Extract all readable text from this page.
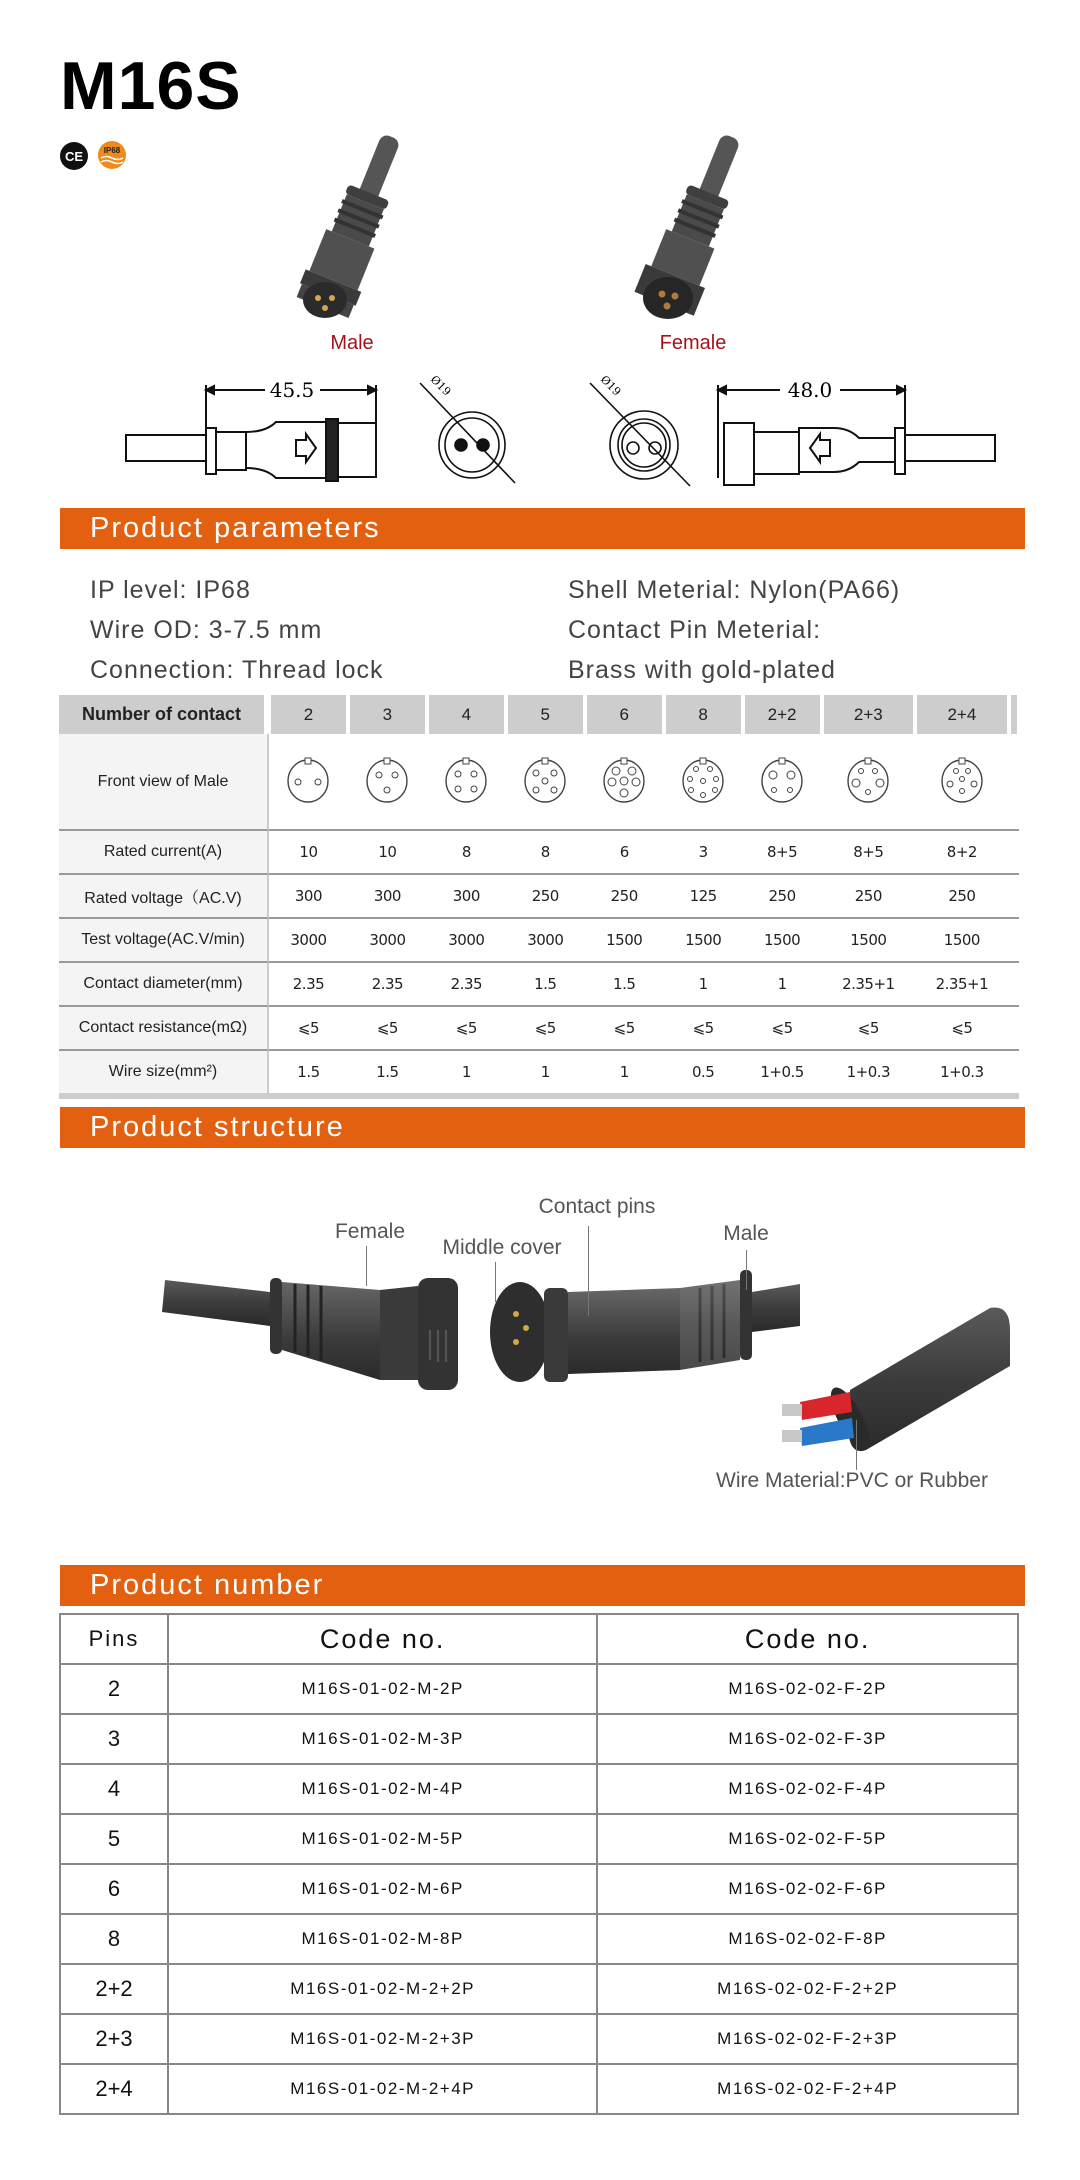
M16S
CE	IP68
Male	Female
Ø19	Ø19
45.5	48.0
Product parameters
IP level: IP68
Wire OD: 3-7.5 mm
Connection: Thread lock
Shell Meterial: Nylon(PA66)
Contact Pin Meterial:
Brass with gold-plated
Number of contact	2	3	4	5	6	8	2+2	2+3	2+4	
Front view of Male										
Rated current(A)	10	10	8	8	6	3	8+5	8+5	8+2	
Rated voltage（AC.V)	300	300	300	250	250	125	250	250	250	
Test voltage(AC.V/min)	3000	3000	3000	3000	1500	1500	1500	1500	1500	
Contact diameter(mm)	2.35	2.35	2.35	1.5	1.5	1	1	2.35+1	2.35+1	
Contact resistance(mΩ)	⩽5	⩽5	⩽5	⩽5	⩽5	⩽5	⩽5	⩽5	⩽5	
Wire size(mm²)	1.5	1.5	1	1	1	0.5	1+0.5	1+0.3	1+0.3	
Product structure
Female
Middle cover
Contact pins
Male
Wire Material:PVC or Rubber
Product number
Pins	Code no.	Code no.
2	M16S-01-02-M-2P	M16S-02-02-F-2P
3	M16S-01-02-M-3P	M16S-02-02-F-3P
4	M16S-01-02-M-4P	M16S-02-02-F-4P
5	M16S-01-02-M-5P	M16S-02-02-F-5P
6	M16S-01-02-M-6P	M16S-02-02-F-6P
8	M16S-01-02-M-8P	M16S-02-02-F-8P
2+2	M16S-01-02-M-2+2P	M16S-02-02-F-2+2P
2+3	M16S-01-02-M-2+3P	M16S-02-02-F-2+3P
2+4	M16S-01-02-M-2+4P	M16S-02-02-F-2+4P
